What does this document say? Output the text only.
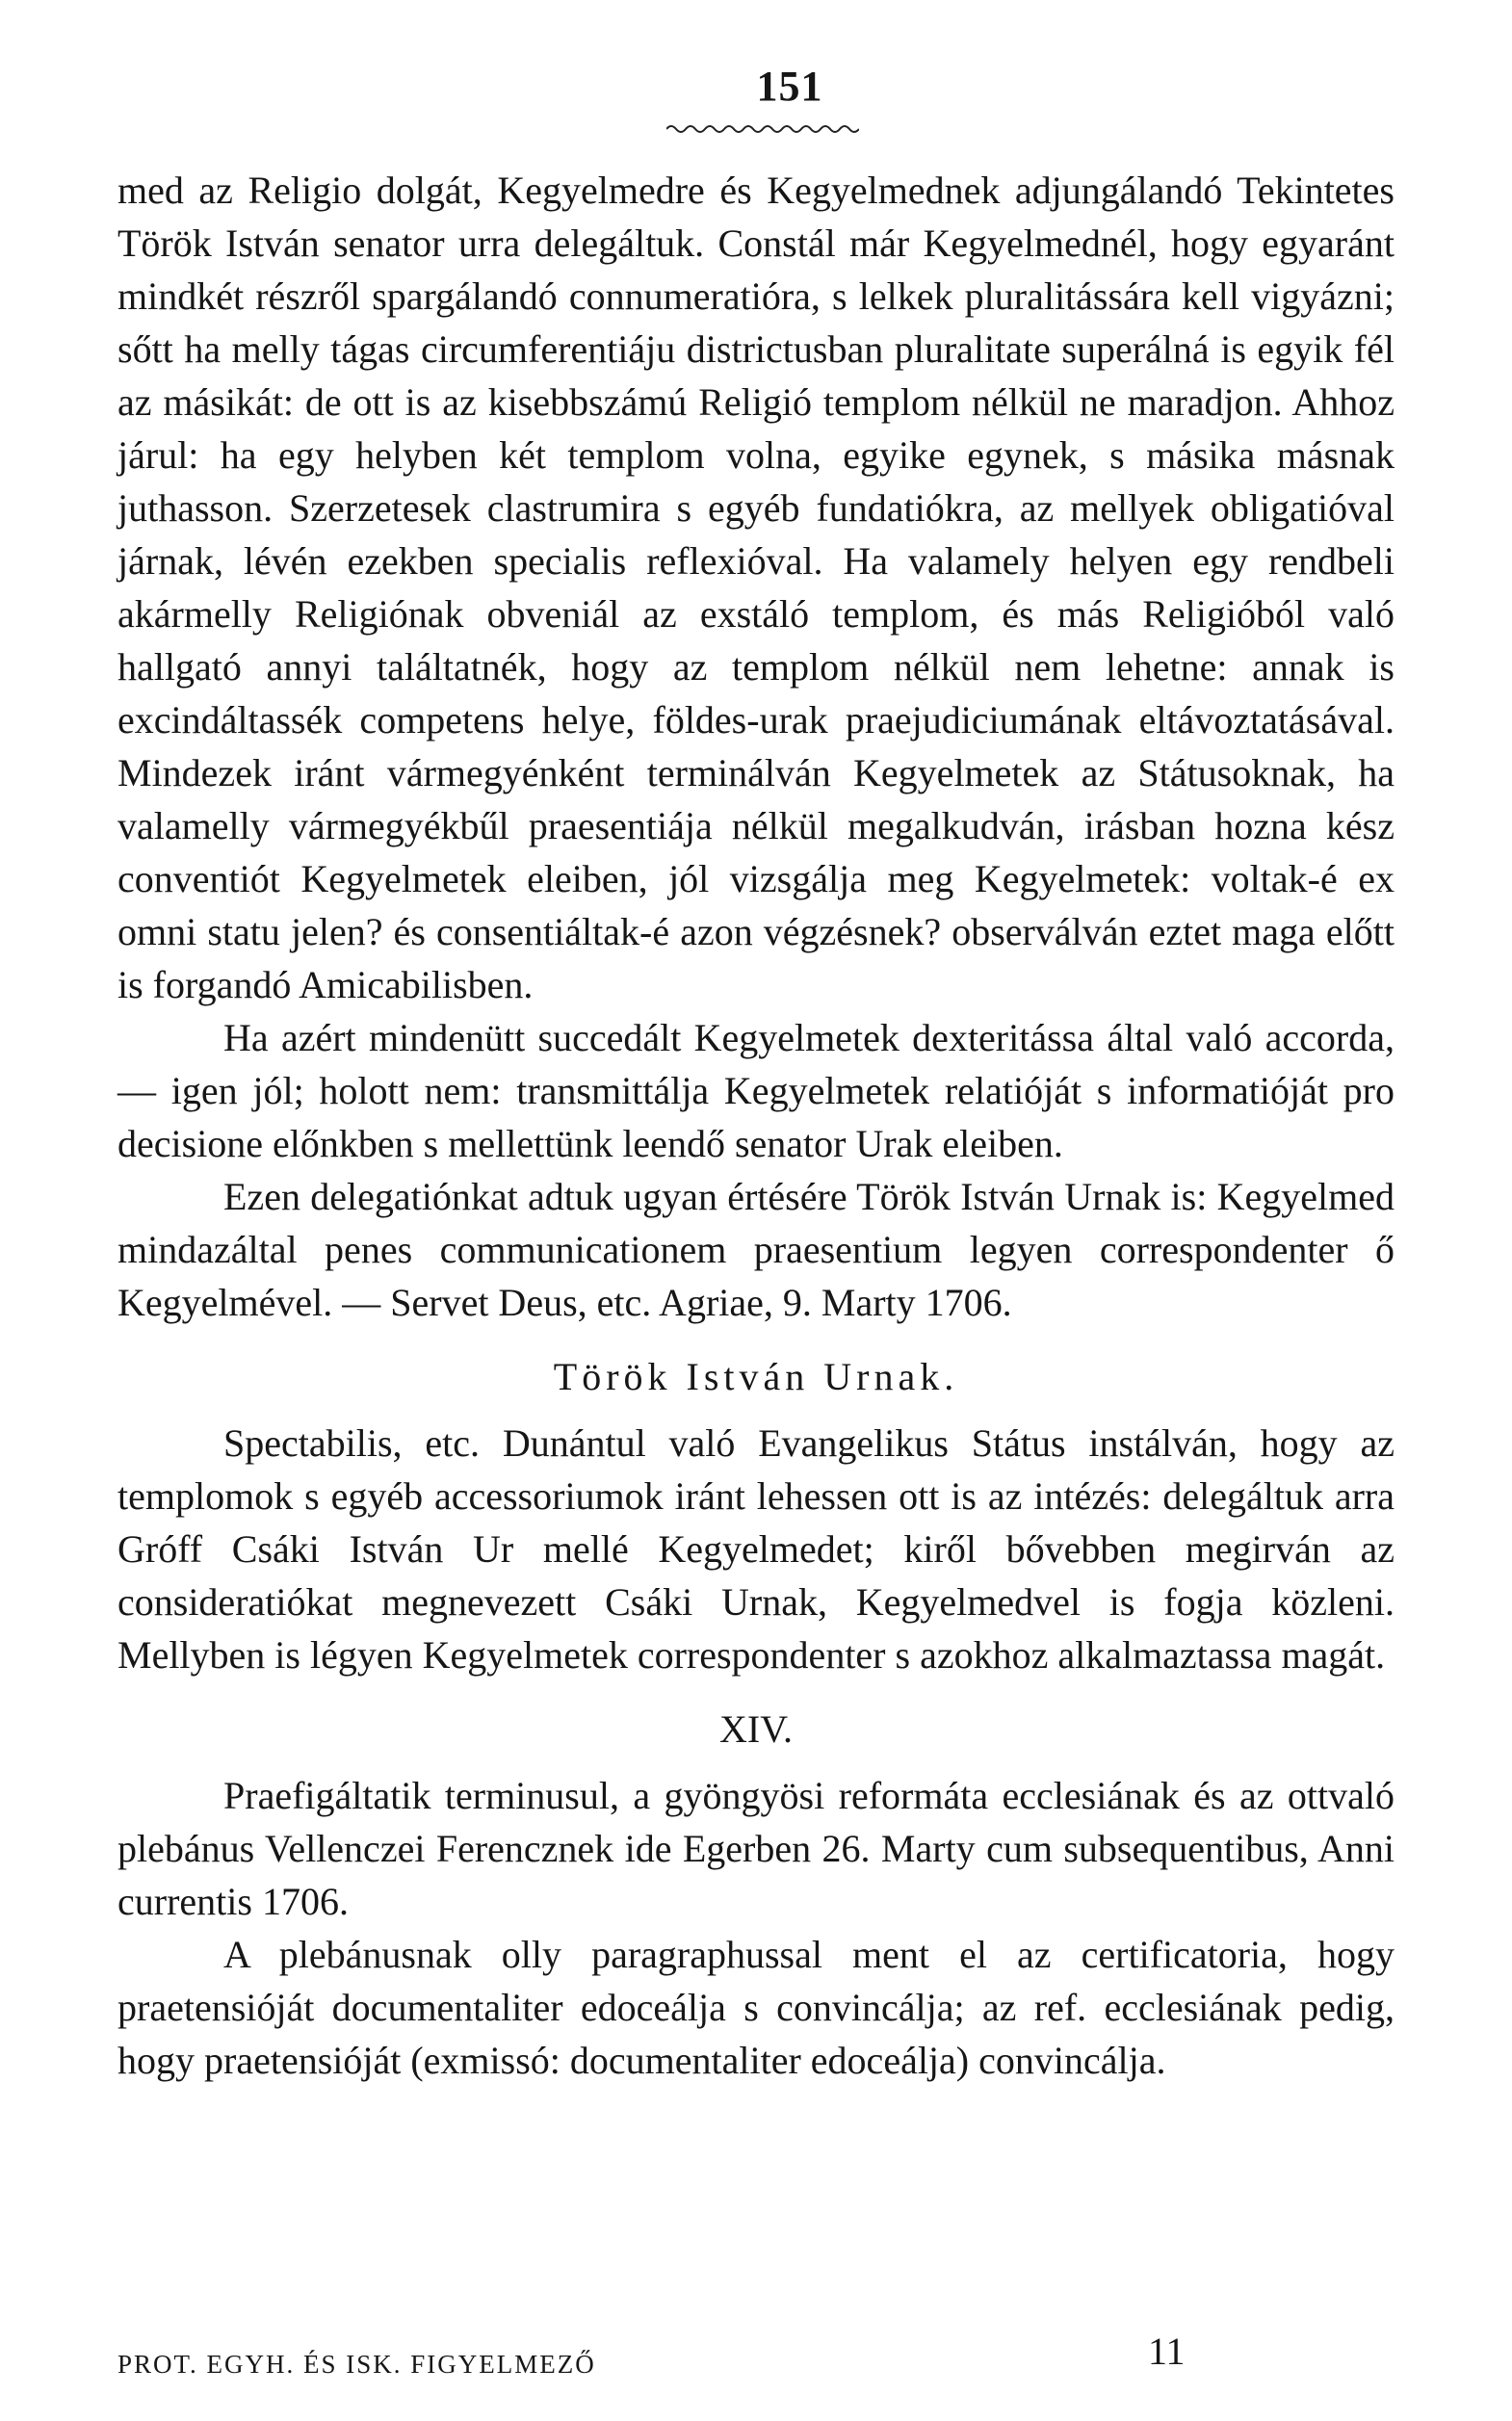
151

med az Religio dolgát, Kegyelmedre és Kegyelmednek adjungálandó Tekintetes Török István senator urra delegáltuk. Constál már Kegyelmednél, hogy egyaránt mindkét részről spargálandó connumeratióra, s lelkek pluralitássára kell vigyázni; sőtt ha melly tágas circumferentiáju districtusban pluralitate superálná is egyik fél az másikát: de ott is az kisebbszámú Religió templom nélkül ne maradjon. Ahhoz járul: ha egy helyben két templom volna, egyike egynek, s másika másnak juthasson. Szerzetesek clastrumira s egyéb fundatiókra, az mellyek obligatióval járnak, lévén ezekben specialis reflexióval. Ha valamely helyen egy rendbeli akármelly Religiónak obveniál az exstáló templom, és más Religióból való hallgató annyi találtatnék, hogy az templom nélkül nem lehetne: annak is excindáltassék competens helye, földes-urak praejudiciumának eltávoztatásával. Mindezek iránt vármegyénként terminálván Kegyelmetek az Státusoknak, ha valamelly vármegyékbűl praesentiája nélkül megalkudván, irásban hozna kész conventiót Kegyelmetek eleiben, jól vizsgálja meg Kegyelmetek: voltak-é ex omni statu jelen? és consentiáltak-é azon végzésnek? observálván eztet maga előtt is forgandó Amicabilisben.

Ha azért mindenütt succedált Kegyelmetek dexteritássa által való accorda, — igen jól; holott nem: transmittálja Kegyelmetek relatióját s informatióját pro decisione előnkben s mellettünk leendő senator Urak eleiben.

Ezen delegatiónkat adtuk ugyan értésére Török István Urnak is: Kegyelmed mindazáltal penes communicationem praesentium legyen correspondenter ő Kegyelmével. — Servet Deus, etc. Agriae, 9. Marty 1706.

Török István Urnak.

Spectabilis, etc. Dunántul való Evangelikus Státus instálván, hogy az templomok s egyéb accessoriumok iránt lehessen ott is az intézés: delegáltuk arra Gróff Csáki István Ur mellé Kegyelmedet; kiről bővebben megirván az consideratiókat megnevezett Csáki Urnak, Kegyelmedvel is fogja közleni. Mellyben is légyen Kegyelmetek correspondenter s azokhoz alkalmaztassa magát.

XIV.

Praefigáltatik terminusul, a gyöngyösi reformáta ecclesiának és az ottvaló plebánus Vellenczei Ferencznek ide Egerben 26. Marty cum subsequentibus, Anni currentis 1706.

A plebánusnak olly paragraphussal ment el az certificatoria, hogy praetensióját documentaliter edoceálja s convincálja; az ref. ecclesiának pedig, hogy praetensióját (exmissó: documentaliter edoceálja) convincálja.

PROT. EGYH. ÉS ISK. FIGYELMEZŐ	11
